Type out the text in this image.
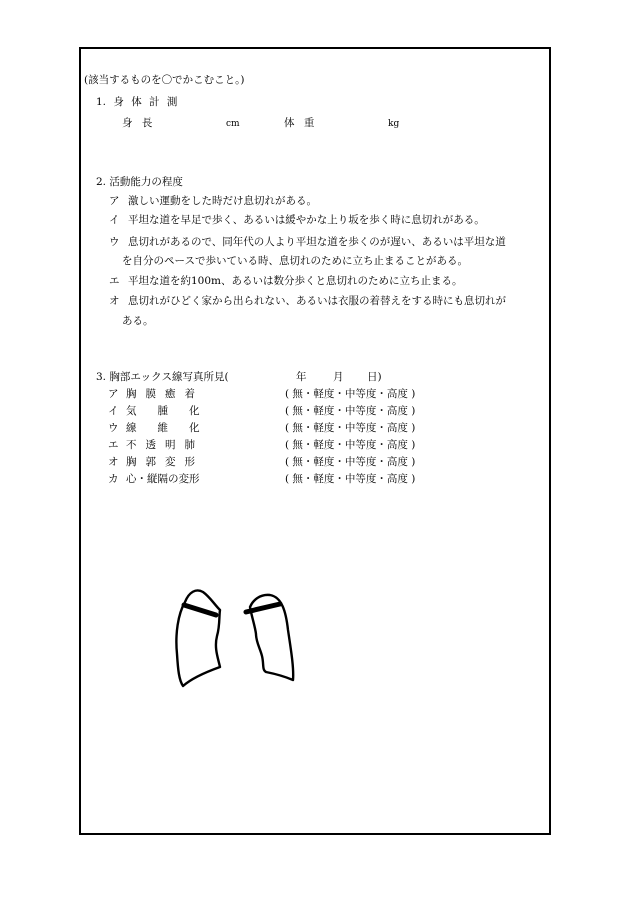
(該当するものを〇でかこむこと。)
1. 身 体 計 測
身 長	cm	体 重	kg
2. 活動能力の程度
ア 激しい運動をした時だけ息切れがある。
イ 平坦な道を早足で歩く、あるいは緩やかな上り坂を歩く時に息切れがある。
ウ 息切れがあるので、同年代の人より平坦な道を歩くのが遅い、あるいは平坦な道
を自分のペースで歩いている時、息切れのために立ち止まることがある。
エ 平坦な道を約100m、あるいは数分歩くと息切れのために立ち止まる。
オ 息切れがひどく家から出られない、あるいは衣服の着替えをする時にも息切れが
ある。
3. 胸部エックス線写真所見(	年	月 日)
ア 胸膜癒着	( 無・軽度・中等度・高度 )
イ 気腫化	( 無・軽度・中等度・高度 )
ウ 線維化	( 無・軽度・中等度・高度 )
エ 不透明肺	( 無・軽度・中等度・高度 )
オ 胸郭変形	( 無・軽度・中等度・高度 )
カ 心・縦隔の変形	( 無・軽度・中等度・高度 )
